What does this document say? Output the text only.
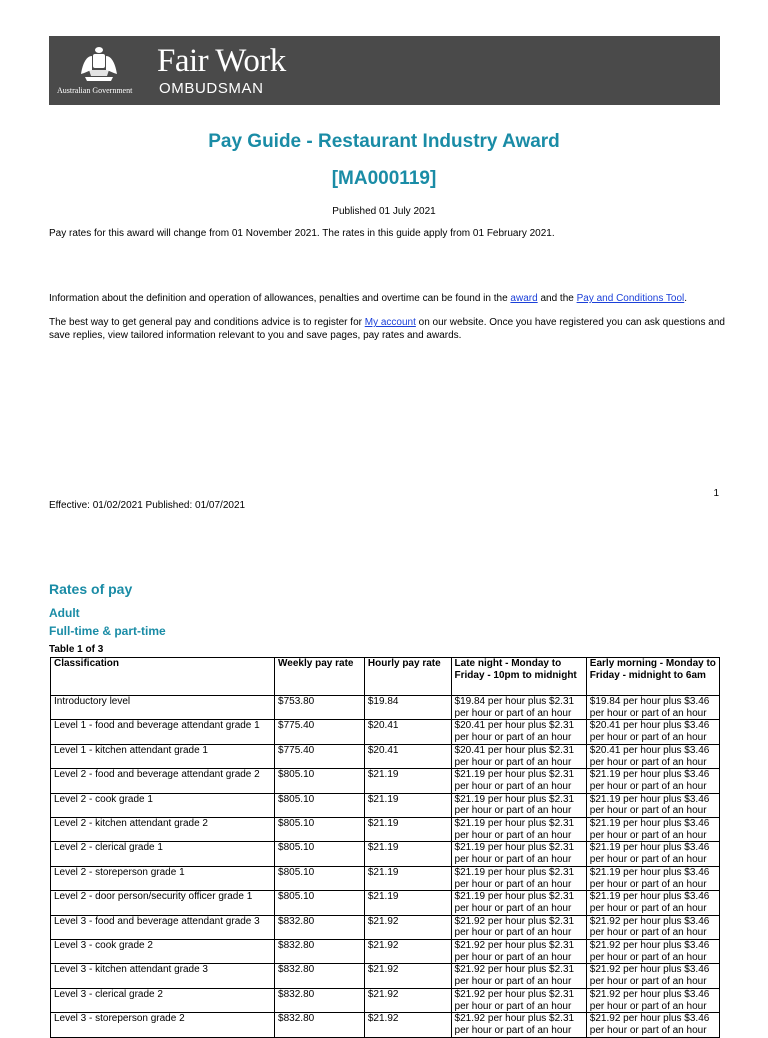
Australian Government
Fair Work
OMBUDSMAN
Pay Guide - Restaurant Industry Award
[MA000119]
Published 01 July 2021
Pay rates for this award will change from 01 November 2021. The rates in this guide apply from 01 February 2021.
Information about the definition and operation of allowances, penalties and overtime can be found in the award and the Pay and Conditions Tool.
The best way to get general pay and conditions advice is to register for My account on our website. Once you have registered you can ask questions and save replies, view tailored information relevant to you and save pages, pay rates and awards.
1
Effective: 01/02/2021 Published: 01/07/2021
Rates of pay
Adult
Full-time & part-time
Table 1 of 3
Classification	Weekly pay rate	Hourly pay rate	Late night - Monday to Friday - 10pm to midnight	Early morning - Monday to Friday - midnight to 6am
Introductory level	$753.80	$19.84	$19.84 per hour plus $2.31 per hour or part of an hour	$19.84 per hour plus $3.46 per hour or part of an hour
Level 1 - food and beverage attendant grade 1	$775.40	$20.41	$20.41 per hour plus $2.31 per hour or part of an hour	$20.41 per hour plus $3.46 per hour or part of an hour
Level 1 - kitchen attendant grade 1	$775.40	$20.41	$20.41 per hour plus $2.31 per hour or part of an hour	$20.41 per hour plus $3.46 per hour or part of an hour
Level 2 - food and beverage attendant grade 2	$805.10	$21.19	$21.19 per hour plus $2.31 per hour or part of an hour	$21.19 per hour plus $3.46 per hour or part of an hour
Level 2 - cook grade 1	$805.10	$21.19	$21.19 per hour plus $2.31 per hour or part of an hour	$21.19 per hour plus $3.46 per hour or part of an hour
Level 2 - kitchen attendant grade 2	$805.10	$21.19	$21.19 per hour plus $2.31 per hour or part of an hour	$21.19 per hour plus $3.46 per hour or part of an hour
Level 2 - clerical grade 1	$805.10	$21.19	$21.19 per hour plus $2.31 per hour or part of an hour	$21.19 per hour plus $3.46 per hour or part of an hour
Level 2 - storeperson grade 1	$805.10	$21.19	$21.19 per hour plus $2.31 per hour or part of an hour	$21.19 per hour plus $3.46 per hour or part of an hour
Level 2 - door person/security officer grade 1	$805.10	$21.19	$21.19 per hour plus $2.31 per hour or part of an hour	$21.19 per hour plus $3.46 per hour or part of an hour
Level 3 - food and beverage attendant grade 3	$832.80	$21.92	$21.92 per hour plus $2.31 per hour or part of an hour	$21.92 per hour plus $3.46 per hour or part of an hour
Level 3 - cook grade 2	$832.80	$21.92	$21.92 per hour plus $2.31 per hour or part of an hour	$21.92 per hour plus $3.46 per hour or part of an hour
Level 3 - kitchen attendant grade 3	$832.80	$21.92	$21.92 per hour plus $2.31 per hour or part of an hour	$21.92 per hour plus $3.46 per hour or part of an hour
Level 3 - clerical grade 2	$832.80	$21.92	$21.92 per hour plus $2.31 per hour or part of an hour	$21.92 per hour plus $3.46 per hour or part of an hour
Level 3 - storeperson grade 2	$832.80	$21.92	$21.92 per hour plus $2.31 per hour or part of an hour	$21.92 per hour plus $3.46 per hour or part of an hour
